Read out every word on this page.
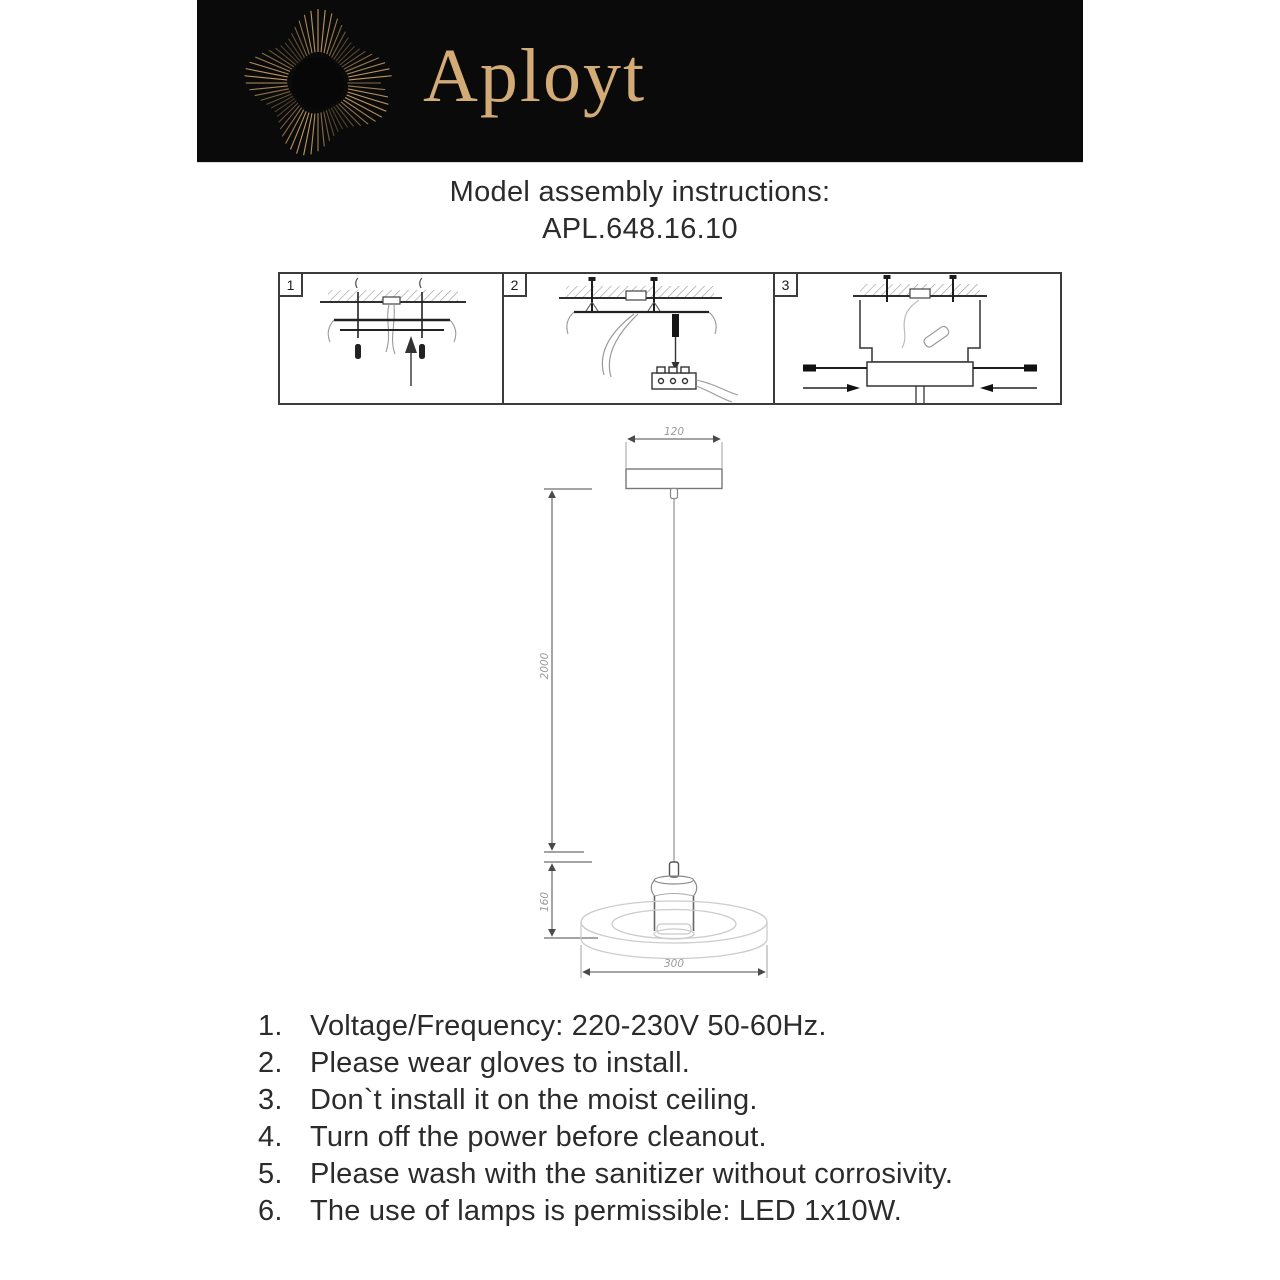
Aployt
Model assembly instructions:
APL.648.16.10
1	2	3
120
2000
160
300
1. Voltage/Frequency: 220-230V 50-60Hz.
2. Please wear gloves to install.
3. Don`t install it on the moist ceiling.
4. Turn off the power before cleanout.
5. Please wash with the sanitizer without corrosivity.
6. The use of lamps is permissible: LED 1x10W.
